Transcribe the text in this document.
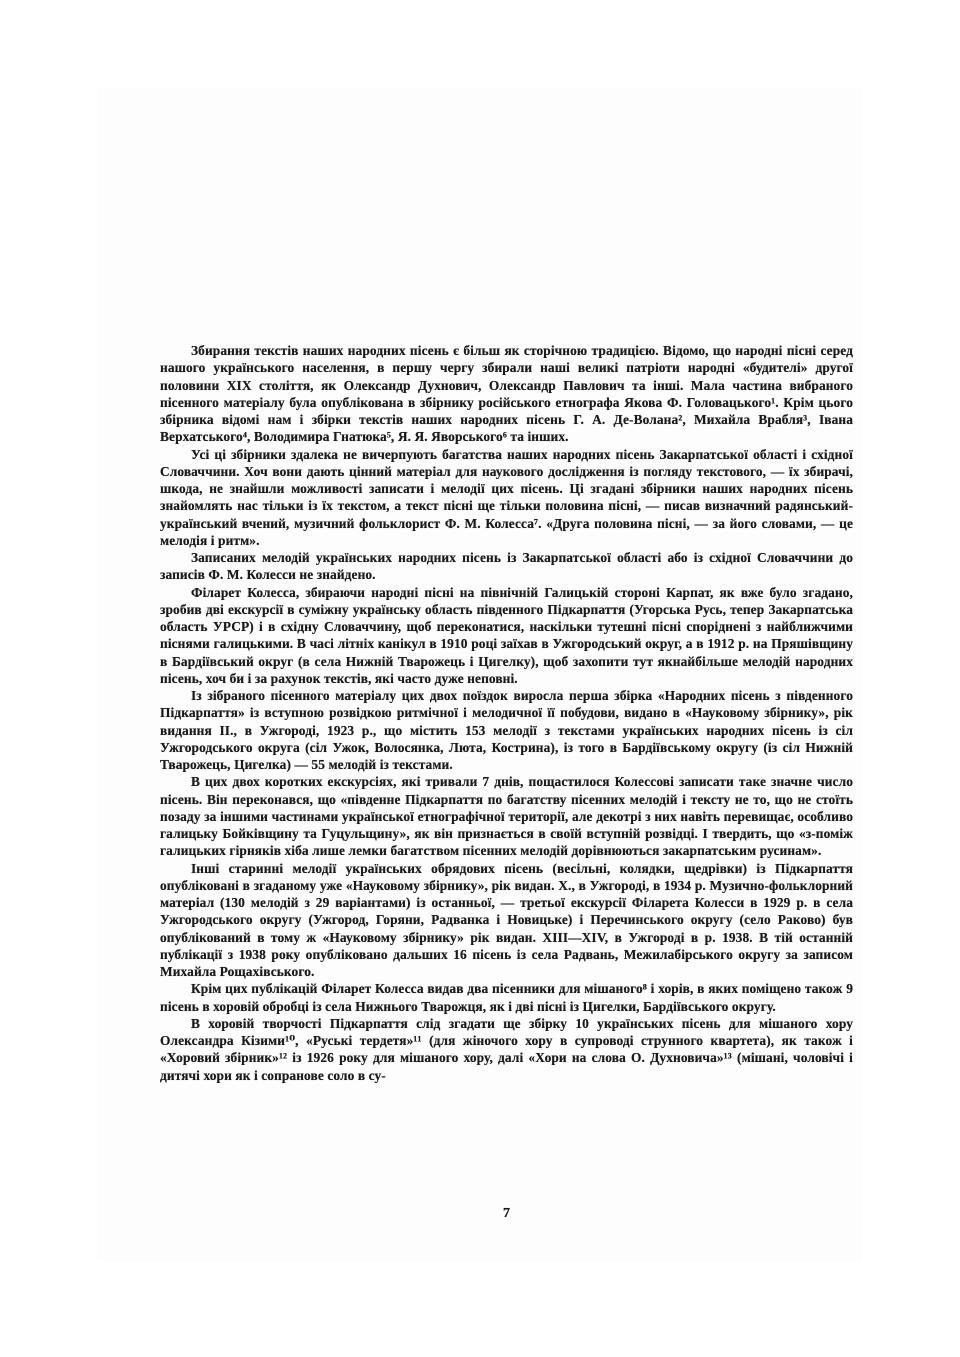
Збирання текстів наших народних пісень є більш як сторічною традицією. Відомо, що народні пісні серед нашого українського населення, в першу чергу збирали наші великі патріоти народні «будителі» другої половини XIX століття, як Олександр Духнович, Олександр Павлович та інші. Мала частина вибраного пісенного матеріалу була опублікована в збірнику російського етнографа Якова Ф. Головацького¹. Крім цього збірника відомі нам і збірки текстів наших народних пісень Г. А. Де-Волана², Михайла Врабля³, Івана Верхатського⁴, Володимира Гнатюка⁵, Я. Я. Яворського⁶ та інших.

Усі ці збірники здалека не вичерпують багатства наших народних пісень Закарпатської області і східної Словаччини. Хоч вони дають цінний матеріал для наукового дослідження із погляду текстового, — їх збирачі, шкода, не знайшли можливості записати і мелодії цих пісень. Ці згадані збірники наших народних пісень знайомлять нас тільки із їх текстом, а текст пісні ще тільки половина пісні, — писав визначний радянський-український вчений, музичний фольклорист Ф. М. Колесса⁷. «Друга половина пісні, — за його словами, — це мелодія і ритм».

Записаних мелодій українських народних пісень із Закарпатської області або із східної Словаччини до записів Ф. М. Колесси не знайдено.

Філарет Колесса, збираючи народні пісні на північній Галицькій стороні Карпат, як вже було згадано, зробив дві екскурсії в суміжну українську область південного Підкарпаття (Угорська Русь, тепер Закарпатська область УРСР) і в східну Словаччину, щоб переконатися, наскільки тутешні пісні споріднені з найближчими піснями галицькими. В часі літніх канікул в 1910 році заїхав в Ужгородський округ, а в 1912 р. на Пряшівщину в Бардіївський округ (в села Нижній Тварожець і Цигелку), щоб захопити тут якнайбільше мелодій народних пісень, хоч би і за рахунок текстів, які часто дуже неповні.

Із зібраного пісенного матеріалу цих двох поїздок виросла перша збірка «Народних пісень з південного Підкарпаття» із вступною розвідкою ритмічної і мелодичної її побудови, видано в «Науковому збірнику», рік видання ІІ., в Ужгороді, 1923 р., що містить 153 мелодії з текстами українських народних пісень із сіл Ужгородського округа (сіл Ужок, Волосянка, Люта, Кострина), із того в Бардіївському округу (із сіл Нижній Тварожець, Цигелка) — 55 мелодій із текстами.

В цих двох коротких екскурсіях, які тривали 7 днів, пощастилося Колессові записати таке значне число пісень. Він переконався, що «південне Підкарпаття по багатству пісенних мелодій і тексту не то, що не стоїть позаду за іншими частинами української етнографічної території, але декотрі з них навіть перевищає, особливо галицьку Бойківщину та Гуцульщину», як він признається в своїй вступній розвідці. І твердить, що «з-поміж галицьких гірняків хіба лише лемки багатством пісенних мелодій дорівнюються закарпатським русинам».

Інші старинні мелодії українських обрядових пісень (весільні, колядки, щедрівки) із Підкарпаття опубліковані в згаданому уже «Науковому збірнику», рік видан. X., в Ужгороді, в 1934 р. Музично-фольклорний матеріал (130 мелодій з 29 варіантами) із останньої, — третьої екскурсії Філарета Колесси в 1929 р. в села Ужгородського округу (Ужгород, Горяни, Радванка і Новицьке) і Перечинського округу (село Раково) був опублікований в тому ж «Науковому збірнику» рік видан. XIII—XIV, в Ужгороді в р. 1938. В тій останній публікації з 1938 року опубліковано дальших 16 пісень із села Радвань, Межилабірського округу за записом Михайла Рощахівського.

Крім цих публікацій Філарет Колесса видав два пісенники для мішаного⁸ і хорів, в яких поміщено також 9 пісень в хоровій обробці із села Нижнього Тварожця, як і дві пісні із Цигелки, Бардіївського округу.

В хоровій творчості Підкарпаття слід згадати ще збірку 10 українських пісень для мішаного хору Олександра Кізими¹⁰, «Руські тердетя»¹¹ (для жіночого хору в супроводі струнного квартета), як також і «Хоровий збірник»¹² із 1926 року для мішаного хору, далі «Хори на слова О. Духновича»¹³ (мішані, чоловічі і дитячі хори як і сопранове соло в су-

7
